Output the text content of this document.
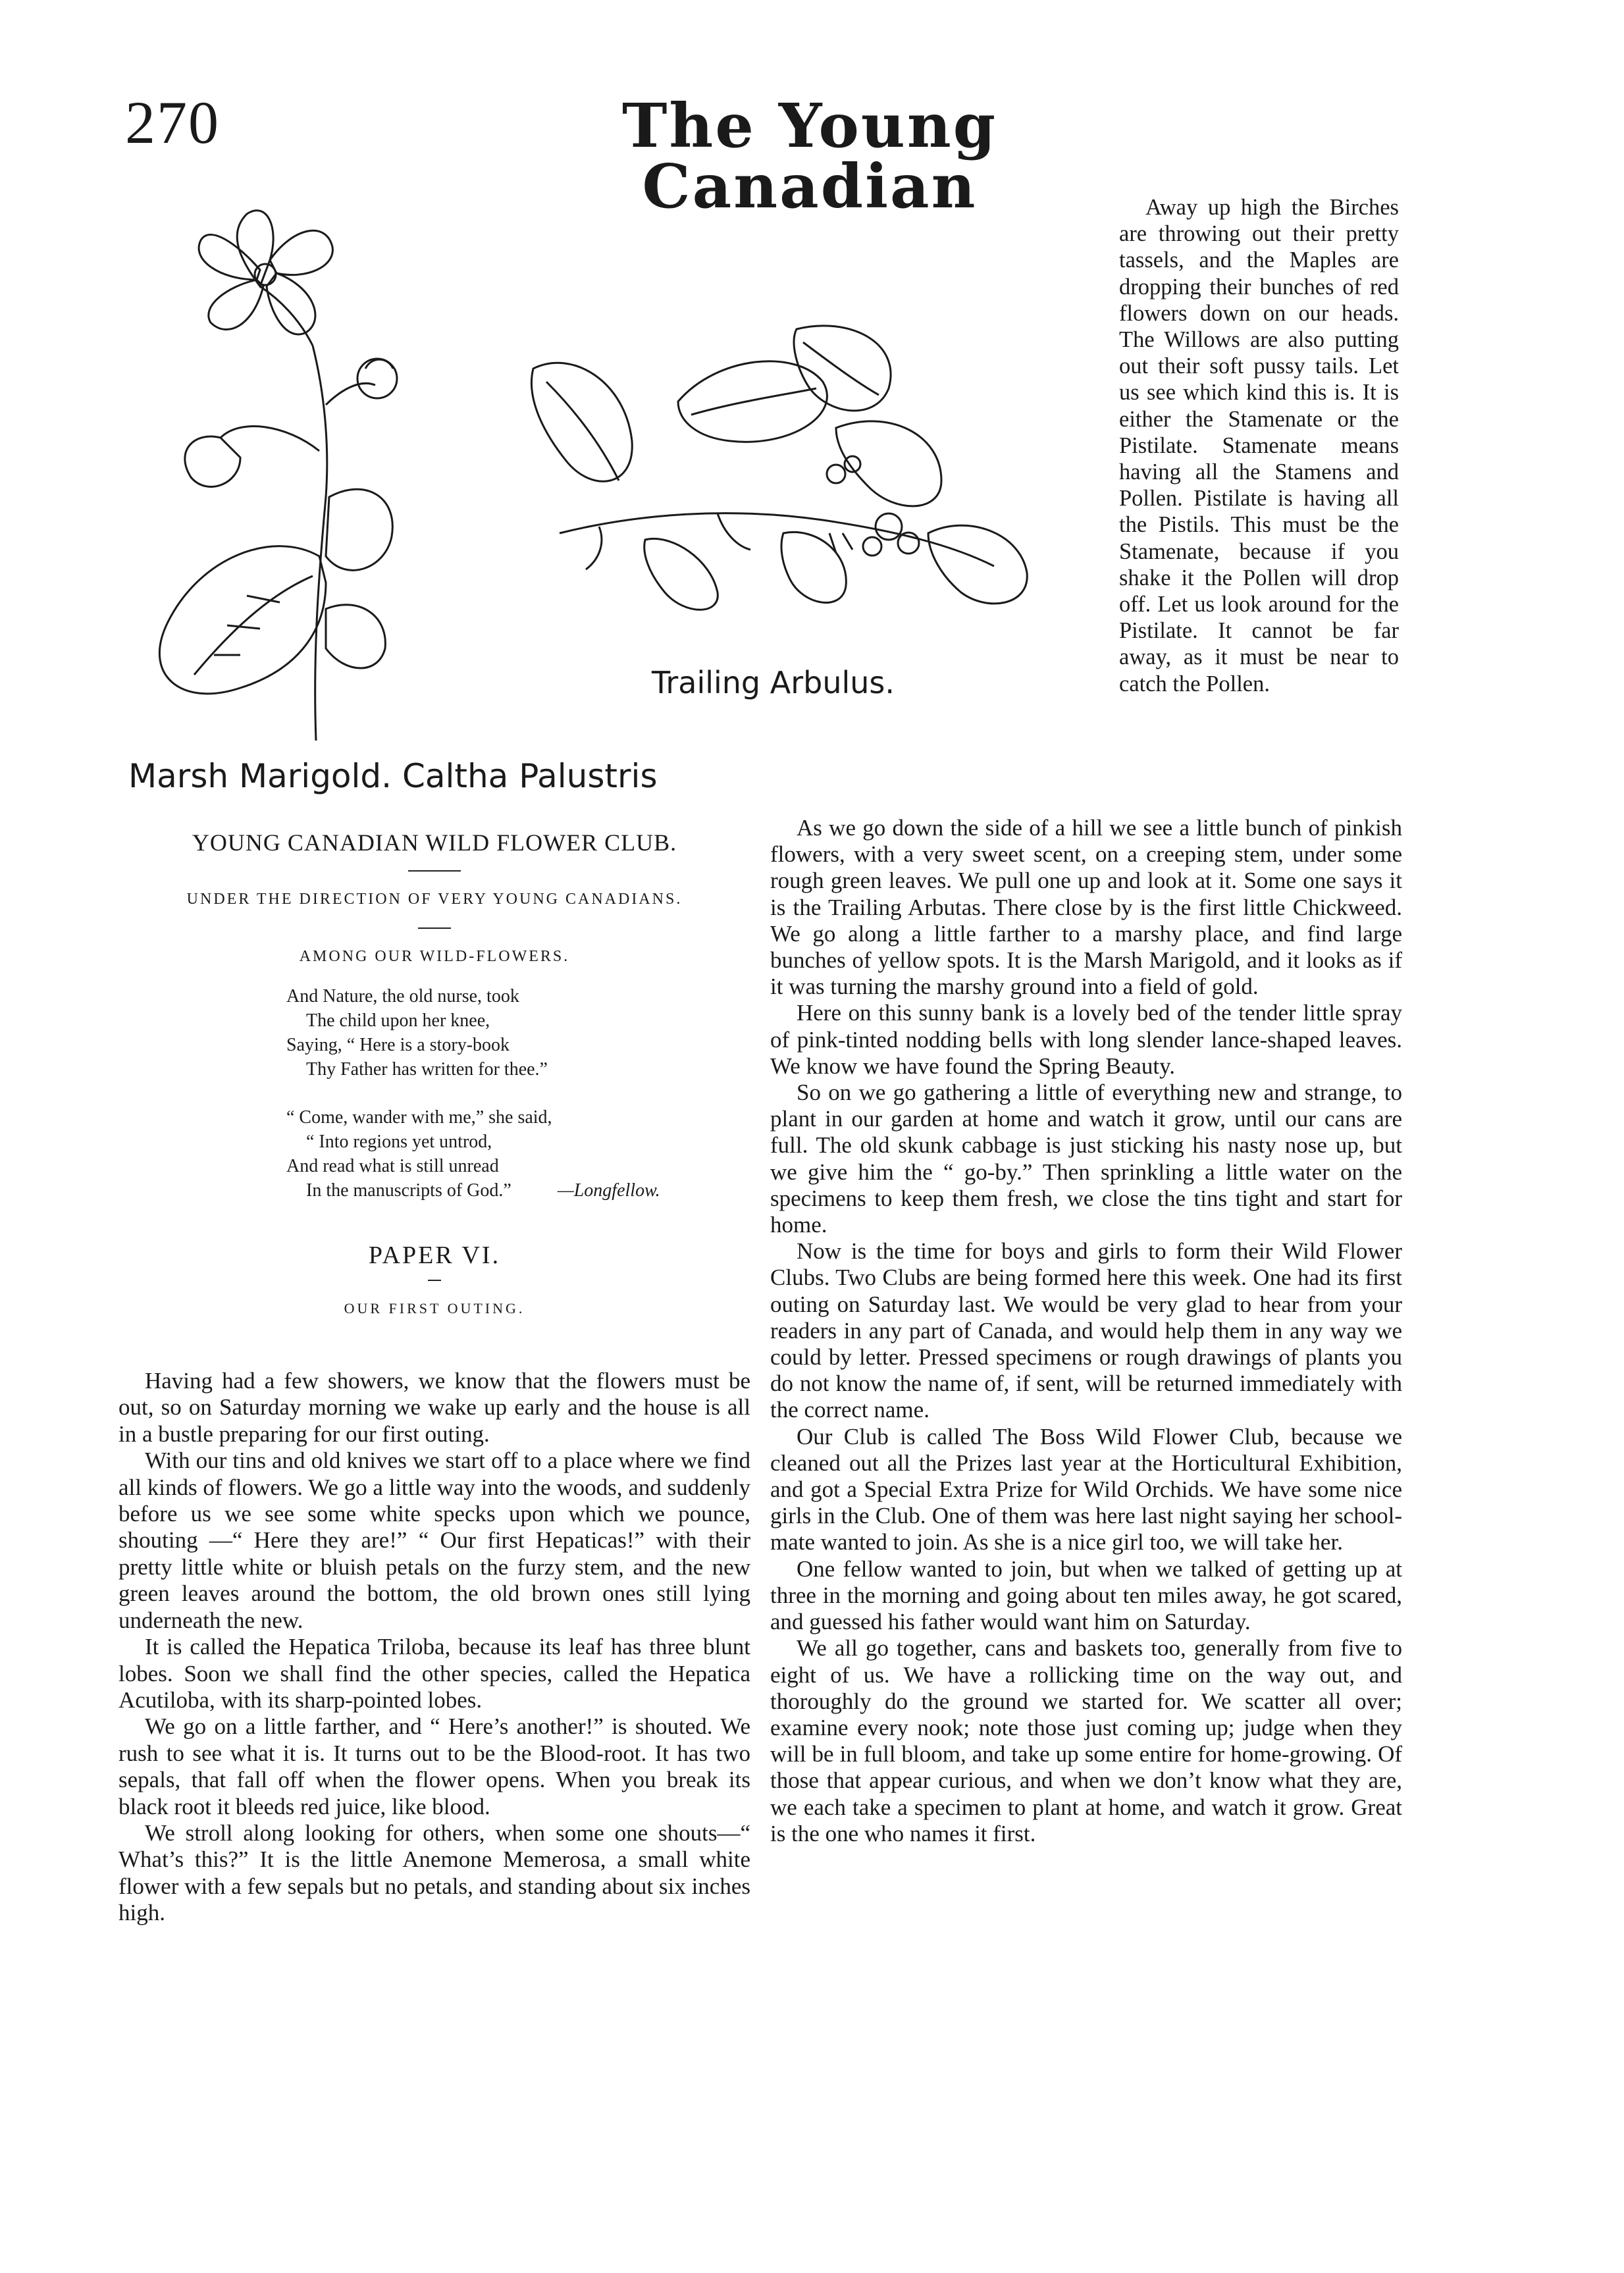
270	The Young Canadian
Marsh Marigold. Caltha Palustris
Trailing Arbulus.

Away up high the Birches are throwing out their pretty tassels, and the Maples are dropping their bunches of red flowers down on our heads. The Willows are also putting out their soft pussy tails. Let us see which kind this is. It is either the Stamenate or the Pistilate. Stamenate means having all the Stamens and Pollen. Pistilate is having all the Pistils. This must be the Stamenate, because if you shake it the Pollen will drop off. Let us look around for the Pistilate. It cannot be far away, as it must be near to catch the Pollen.

YOUNG CANADIAN WILD FLOWER CLUB.
UNDER THE DIRECTION OF VERY YOUNG CANADIANS.
AMONG OUR WILD-FLOWERS.
And Nature, the old nurse, took
The child upon her knee,
Saying, “ Here is a story-book
Thy Father has written for thee.”
“ Come, wander with me,” she said,
“ Into regions yet untrod,
And read what is still unread
In the manuscripts of God.”	—Longfellow.
PAPER VI.
OUR FIRST OUTING.

Having had a few showers, we know that the flowers must be out, so on Saturday morning we wake up early and the house is all in a bustle preparing for our first outing.

With our tins and old knives we start off to a place where we find all kinds of flowers. We go a little way into the woods, and suddenly before us we see some white specks upon which we pounce, shouting —“ Here they are!” “ Our first Hepaticas!” with their pretty little white or bluish petals on the furzy stem, and the new green leaves around the bottom, the old brown ones still lying underneath the new.

It is called the Hepatica Triloba, because its leaf has three blunt lobes. Soon we shall find the other species, called the Hepatica Acutiloba, with its sharp-pointed lobes.

We go on a little farther, and “ Here’s another!” is shouted. We rush to see what it is. It turns out to be the Blood-root. It has two sepals, that fall off when the flower opens. When you break its black root it bleeds red juice, like blood.

We stroll along looking for others, when some one shouts—“ What’s this?” It is the little Anemone Memerosa, a small white flower with a few sepals but no petals, and standing about six inches high.

As we go down the side of a hill we see a little bunch of pinkish flowers, with a very sweet scent, on a creeping stem, under some rough green leaves. We pull one up and look at it. Some one says it is the Trailing Arbutas. There close by is the first little Chickweed. We go along a little farther to a marshy place, and find large bunches of yellow spots. It is the Marsh Marigold, and it looks as if it was turning the marshy ground into a field of gold.

Here on this sunny bank is a lovely bed of the tender little spray of pink-tinted nodding bells with long slender lance-shaped leaves. We know we have found the Spring Beauty.

So on we go gathering a little of everything new and strange, to plant in our garden at home and watch it grow, until our cans are full. The old skunk cabbage is just sticking his nasty nose up, but we give him the “ go-by.” Then sprinkling a little water on the specimens to keep them fresh, we close the tins tight and start for home.

Now is the time for boys and girls to form their Wild Flower Clubs. Two Clubs are being formed here this week. One had its first outing on Saturday last. We would be very glad to hear from your readers in any part of Canada, and would help them in any way we could by letter. Pressed specimens or rough drawings of plants you do not know the name of, if sent, will be returned immediately with the correct name.

Our Club is called The Boss Wild Flower Club, because we cleaned out all the Prizes last year at the Horticultural Exhibition, and got a Special Extra Prize for Wild Orchids. We have some nice girls in the Club. One of them was here last night saying her school-mate wanted to join. As she is a nice girl too, we will take her.

One fellow wanted to join, but when we talked of getting up at three in the morning and going about ten miles away, he got scared, and guessed his father would want him on Saturday.

We all go together, cans and baskets too, generally from five to eight of us. We have a rollicking time on the way out, and thoroughly do the ground we started for. We scatter all over; examine every nook; note those just coming up; judge when they will be in full bloom, and take up some entire for home-growing. Of those that appear curious, and when we don’t know what they are, we each take a specimen to plant at home, and watch it grow. Great is the one who names it first.
